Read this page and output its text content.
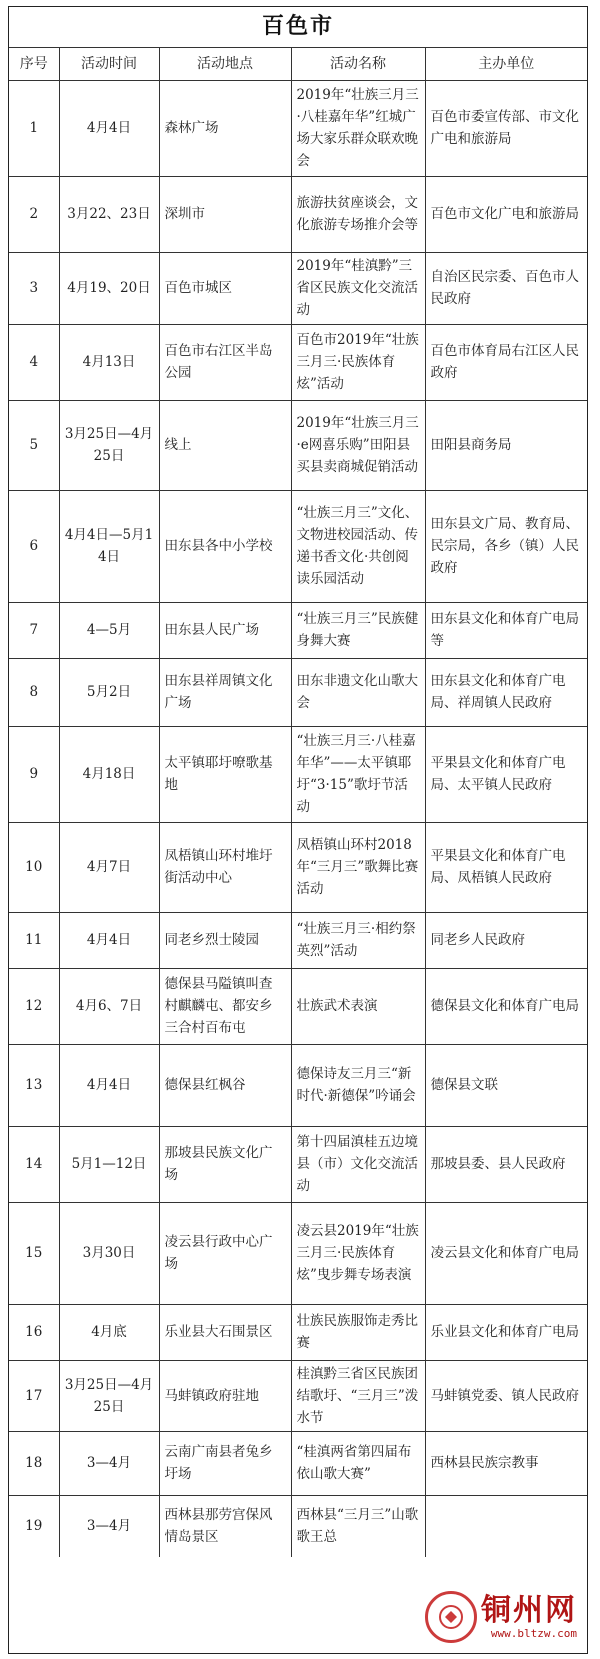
百色市
序号	活动时间	活动地点	活动名称	主办单位
1	4月4日	森林广场	2019年“壮族三月三·八桂嘉年华”红城广场大家乐群众联欢晚会	百色市委宣传部、市文化广电和旅游局
2	3月22、23日	深圳市	旅游扶贫座谈会，文化旅游专场推介会等	百色市文化广电和旅游局
3	4月19、20日	百色市城区	2019年“桂滇黔”三省区民族文化交流活动	自治区民宗委、百色市人民政府
4	4月13日	百色市右江区半岛公园	百色市2019年“壮族三月三·民族体育炫”活动	百色市体育局右江区人民政府
5	3月25日—4月25日	线上	2019年“壮族三月三·e网喜乐购”田阳县买县卖商城促销活动	田阳县商务局
6	4月4日—5月14日	田东县各中小学校	“壮族三月三”文化、文物进校园活动、传递书香文化·共创阅读乐园活动	田东县文广局、教育局、民宗局，各乡（镇）人民政府
7	4—5月	田东县人民广场	“壮族三月三”民族健身舞大赛	田东县文化和体育广电局等
8	5月2日	田东县祥周镇文化广场	田东非遗文化山歌大会	田东县文化和体育广电局、祥周镇人民政府
9	4月18日	太平镇耶圩嘹歌基地	“壮族三月三·八桂嘉年华”——太平镇耶圩“3·15”歌圩节活动	平果县文化和体育广电局、太平镇人民政府
10	4月7日	凤梧镇山环村堆圩街活动中心	凤梧镇山环村2018年“三月三”歌舞比赛活动	平果县文化和体育广电局、凤梧镇人民政府
11	4月4日	同老乡烈士陵园	“壮族三月三·相约祭英烈”活动	同老乡人民政府
12	4月6、7日	德保县马隘镇叫查村麒麟屯、都安乡三合村百布屯	壮族武术表演	德保县文化和体育广电局
13	4月4日	德保县红枫谷	德保诗友三月三“新时代·新德保”吟诵会	德保县文联
14	5月1—12日	那坡县民族文化广场	第十四届滇桂五边境县（市）文化交流活动	那坡县委、县人民政府
15	3月30日	凌云县行政中心广场	凌云县2019年“壮族三月三·民族体育炫”曳步舞专场表演	凌云县文化和体育广电局
16	4月底	乐业县大石围景区	壮族民族服饰走秀比赛	乐业县文化和体育广电局
17	3月25日—4月25日	马蚌镇政府驻地	桂滇黔三省区民族团结歌圩、“三月三”泼水节	马蚌镇党委、镇人民政府
18	3—4月	云南广南县者兔乡圩场	“桂滇两省第四届布依山歌大赛”	西林县民族宗教事
19	3—4月	西林县那劳宫保风情岛景区	西林县“三月三”山歌歌王总	
铜州网
www.bltzw.com
